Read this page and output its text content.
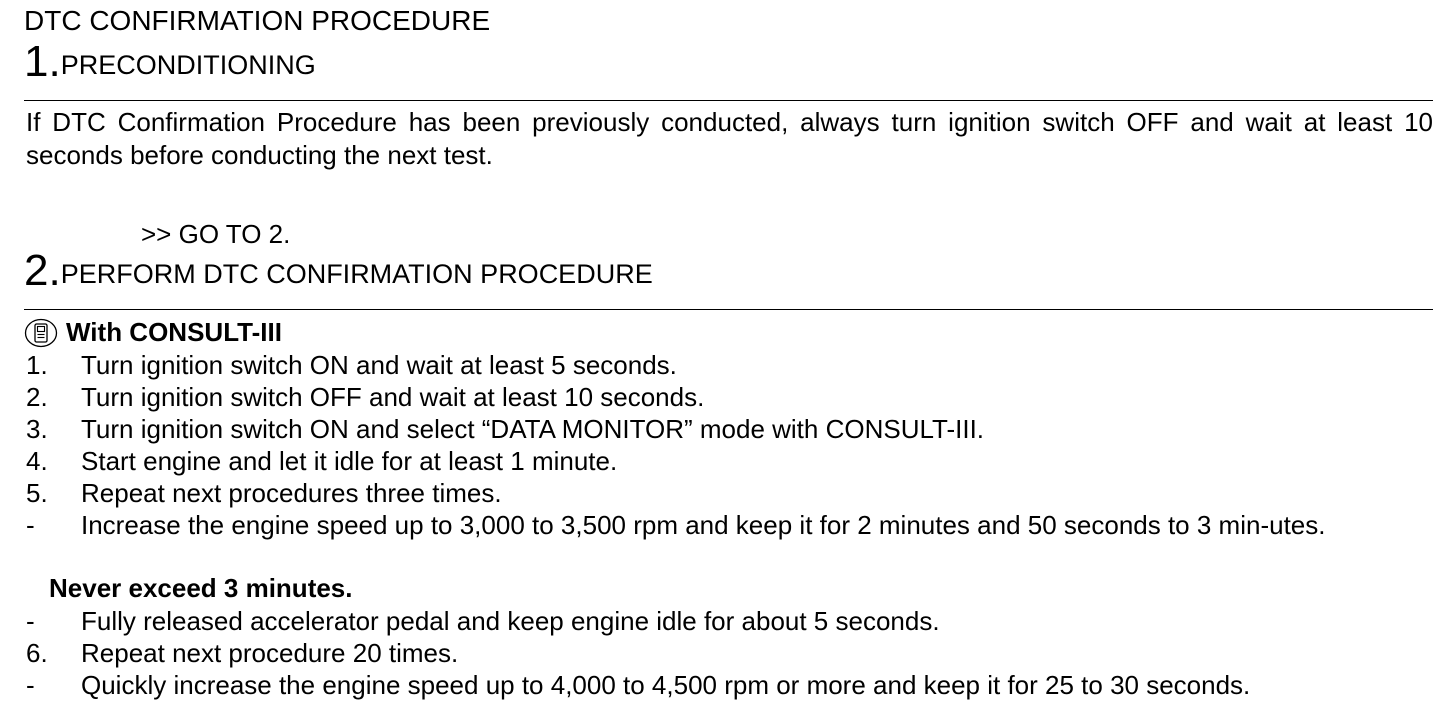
DTC CONFIRMATION PROCEDURE
1.PRECONDITIONING
If DTC Confirmation Procedure has been previously conducted, always turn ignition switch OFF and wait at least 10 seconds before conducting the next test.
>> GO TO 2.
2.PERFORM DTC CONFIRMATION PROCEDURE
With CONSULT-III
1.	Turn ignition switch ON and wait at least 5 seconds.
2.	Turn ignition switch OFF and wait at least 10 seconds.
3.	Turn ignition switch ON and select “DATA MONITOR” mode with CONSULT-III.
4.	Start engine and let it idle for at least 1 minute.
5.	Repeat next procedures three times.
-	Increase the engine speed up to 3,000 to 3,500 rpm and keep it for 2 minutes and 50 seconds to 3 min-utes.
Never exceed 3 minutes.
-	Fully released accelerator pedal and keep engine idle for about 5 seconds.
6.	Repeat next procedure 20 times.
-	Quickly increase the engine speed up to 4,000 to 4,500 rpm or more and keep it for 25 to 30 seconds.
